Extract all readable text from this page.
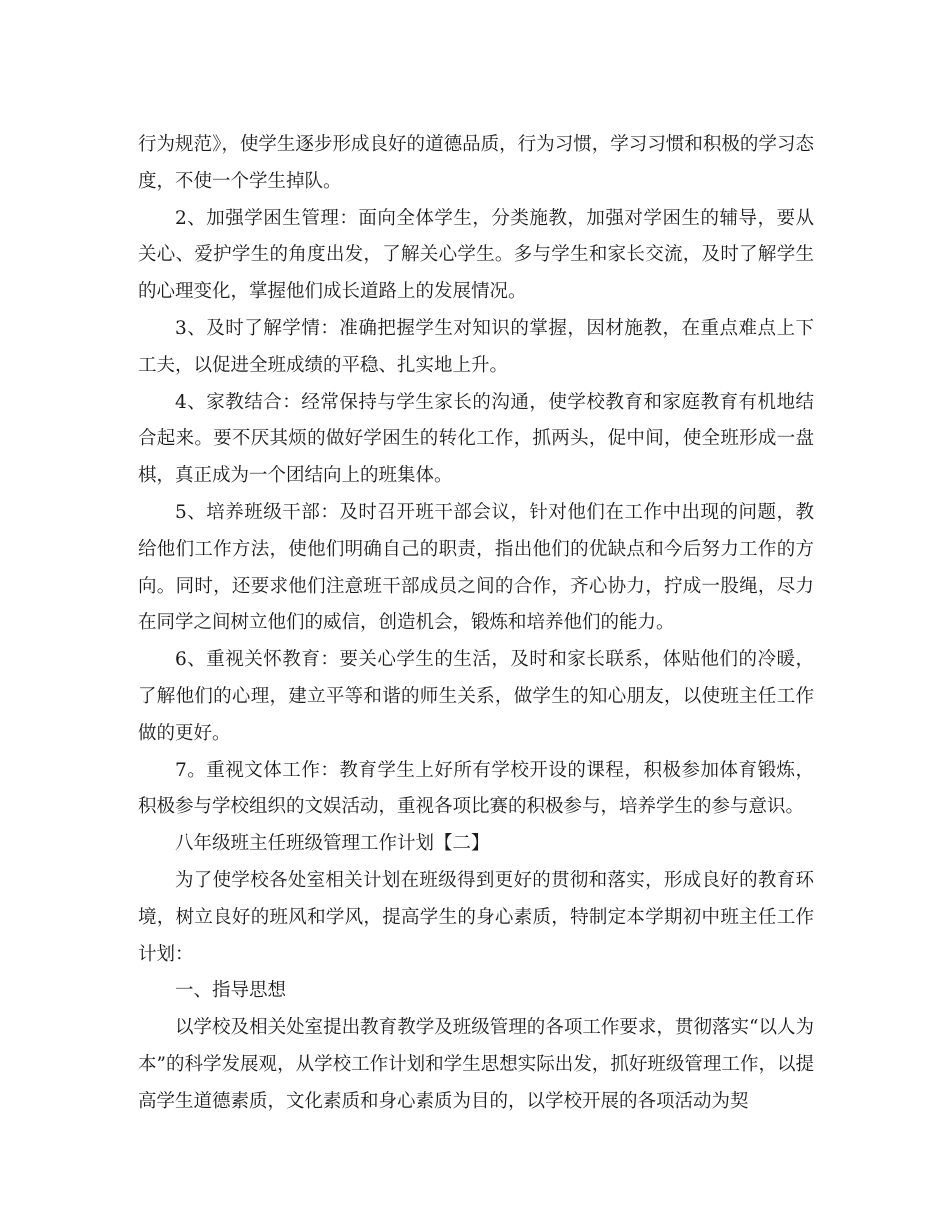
行为规范》，使学生逐步形成良好的道德品质，行为习惯，学习习惯和积极的学习态度，不使一个学生掉队。

2、加强学困生管理：面向全体学生，分类施教，加强对学困生的辅导，要从关心、爱护学生的角度出发，了解关心学生。多与学生和家长交流，及时了解学生的心理变化，掌握他们成长道路上的发展情况。

3、及时了解学情：准确把握学生对知识的掌握，因材施教，在重点难点上下工夫，以促进全班成绩的平稳、扎实地上升。

4、家教结合：经常保持与学生家长的沟通，使学校教育和家庭教育有机地结合起来。要不厌其烦的做好学困生的转化工作，抓两头，促中间，使全班形成一盘棋，真正成为一个团结向上的班集体。

5、培养班级干部：及时召开班干部会议，针对他们在工作中出现的问题，教给他们工作方法，使他们明确自己的职责，指出他们的优缺点和今后努力工作的方向。同时，还要求他们注意班干部成员之间的合作，齐心协力，拧成一股绳，尽力在同学之间树立他们的威信，创造机会，锻炼和培养他们的能力。

6、重视关怀教育：要关心学生的生活，及时和家长联系，体贴他们的冷暖，了解他们的心理，建立平等和谐的师生关系，做学生的知心朋友，以使班主任工作做的更好。

7。重视文体工作：教育学生上好所有学校开设的课程，积极参加体育锻炼，积极参与学校组织的文娱活动，重视各项比赛的积极参与，培养学生的参与意识。

八年级班主任班级管理工作计划【二】

为了使学校各处室相关计划在班级得到更好的贯彻和落实，形成良好的教育环境，树立良好的班风和学风，提高学生的身心素质，特制定本学期初中班主任工作计划：

一、指导思想

以学校及相关处室提出教育教学及班级管理的各项工作要求，贯彻落实“以人为本”的科学发展观，从学校工作计划和学生思想实际出发，抓好班级管理工作，以提高学生道德素质，文化素质和身心素质为目的，以学校开展的各项活动为契
